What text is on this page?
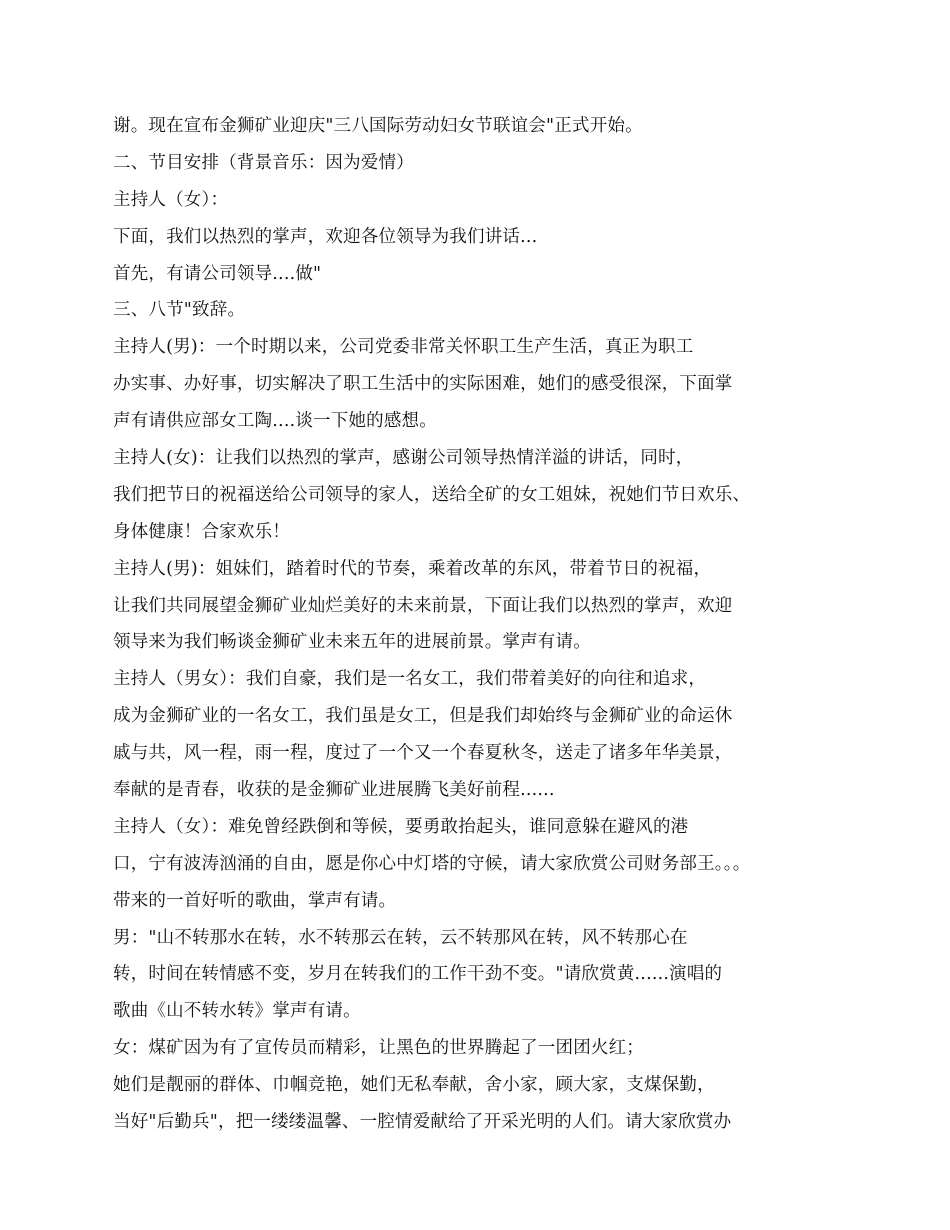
谢。现在宣布金狮矿业迎庆"三八国际劳动妇女节联谊会"正式开始。
二、节目安排（背景音乐：因为爱情）
主持人（女）：
下面，我们以热烈的掌声，欢迎各位领导为我们讲话...
首先，有请公司领导....做"
三、八节"致辞。
主持人(男)：一个时期以来，公司党委非常关怀职工生产生活，真正为职工
办实事、办好事，切实解决了职工生活中的实际困难，她们的感受很深，下面掌
声有请供应部女工陶....谈一下她的感想。
主持人(女)：让我们以热烈的掌声，感谢公司领导热情洋溢的讲话，同时，
我们把节日的祝福送给公司领导的家人，送给全矿的女工姐妹，祝她们节日欢乐、
身体健康！合家欢乐！
主持人(男)：姐妹们，踏着时代的节奏，乘着改革的东风，带着节日的祝福，
让我们共同展望金狮矿业灿烂美好的未来前景，下面让我们以热烈的掌声，欢迎
领导来为我们畅谈金狮矿业未来五年的进展前景。掌声有请。
主持人（男女）：我们自豪，我们是一名女工，我们带着美好的向往和追求，
成为金狮矿业的一名女工，我们虽是女工，但是我们却始终与金狮矿业的命运休
戚与共，风一程，雨一程，度过了一个又一个春夏秋冬，送走了诸多年华美景，
奉献的是青春，收获的是金狮矿业进展腾飞美好前程......
主持人（女）：难免曾经跌倒和等候，要勇敢抬起头，谁同意躲在避风的港
口，宁有波涛汹涌的自由，愿是你心中灯塔的守候，请大家欣赏公司财务部王。。。
带来的一首好听的歌曲，掌声有请。
男："山不转那水在转，水不转那云在转，云不转那风在转，风不转那心在
转，时间在转情感不变，岁月在转我们的工作干劲不变。"请欣赏黄......演唱的
歌曲《山不转水转》掌声有请。
女：煤矿因为有了宣传员而精彩，让黑色的世界腾起了一团团火红；
她们是靓丽的群体、巾帼竞艳，她们无私奉献，舍小家，顾大家，支煤保勤，
当好"后勤兵"，把一缕缕温馨、一腔情爱献给了开采光明的人们。请大家欣赏办
